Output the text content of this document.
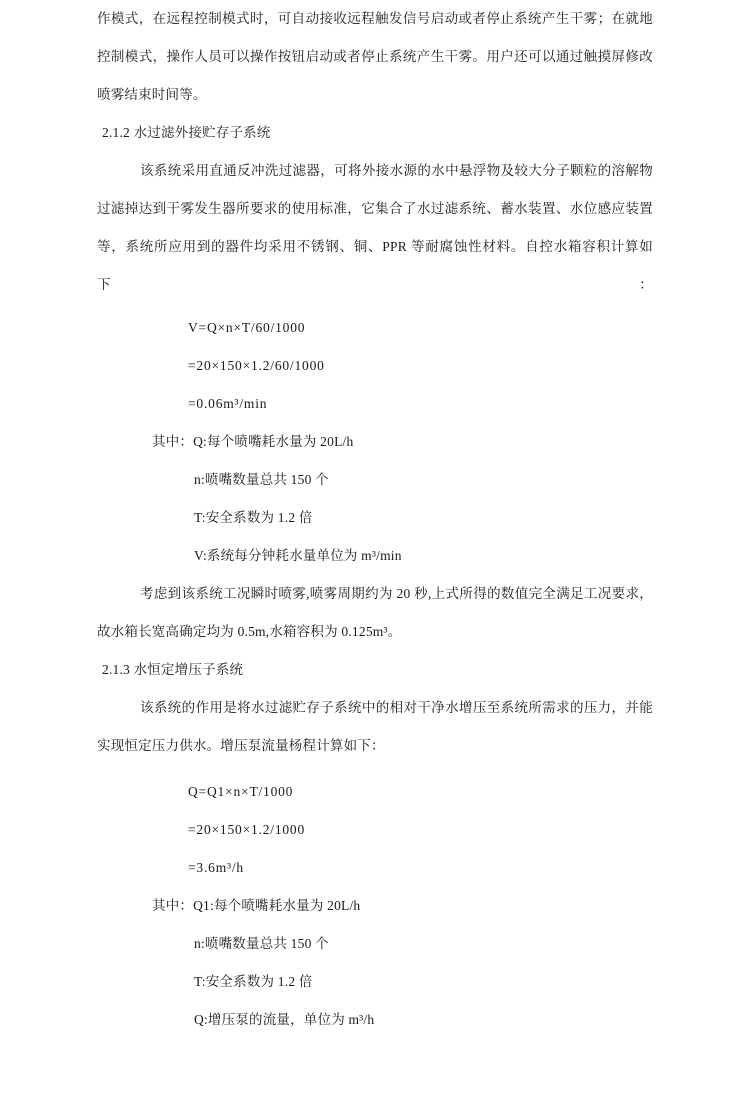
作模式，在远程控制模式时，可自动接收远程触发信号启动或者停止系统产生干雾；在就地
控制模式，操作人员可以操作按钮启动或者停止系统产生干雾。用户还可以通过触摸屏修改
喷雾结束时间等。
2.1.2 水过滤外接贮存子系统
该系统采用直通反冲洗过滤器，可将外接水源的水中悬浮物及较大分子颗粒的溶解物
过滤掉达到干雾发生器所要求的使用标准，它集合了水过滤系统、蓄水装置、水位感应装置
等，系统所应用到的器件均采用不锈钢、铜、PPR 等耐腐蚀性材料。自控水箱容积计算如下：
V=Q×n×T/60/1000
=20×150×1.2/60/1000
=0.06m³/min
其中：Q:每个喷嘴耗水量为 20L/h
n:喷嘴数量总共 150 个
T:安全系数为 1.2 倍
V:系统每分钟耗水量单位为 m³/min
考虑到该系统工况瞬时喷雾,喷雾周期约为 20 秒,上式所得的数值完全满足工况要求，
故水箱长宽高确定均为 0.5m,水箱容积为 0.125m³。
2.1.3 水恒定增压子系统
该系统的作用是将水过滤贮存子系统中的相对干净水增压至系统所需求的压力，并能
实现恒定压力供水。增压泵流量杨程计算如下：
Q=Q1×n×T/1000
=20×150×1.2/1000
=3.6m³/h
其中：Q1:每个喷嘴耗水量为 20L/h
n:喷嘴数量总共 150 个
T:安全系数为 1.2 倍
Q:增压泵的流量，单位为 m³/h
